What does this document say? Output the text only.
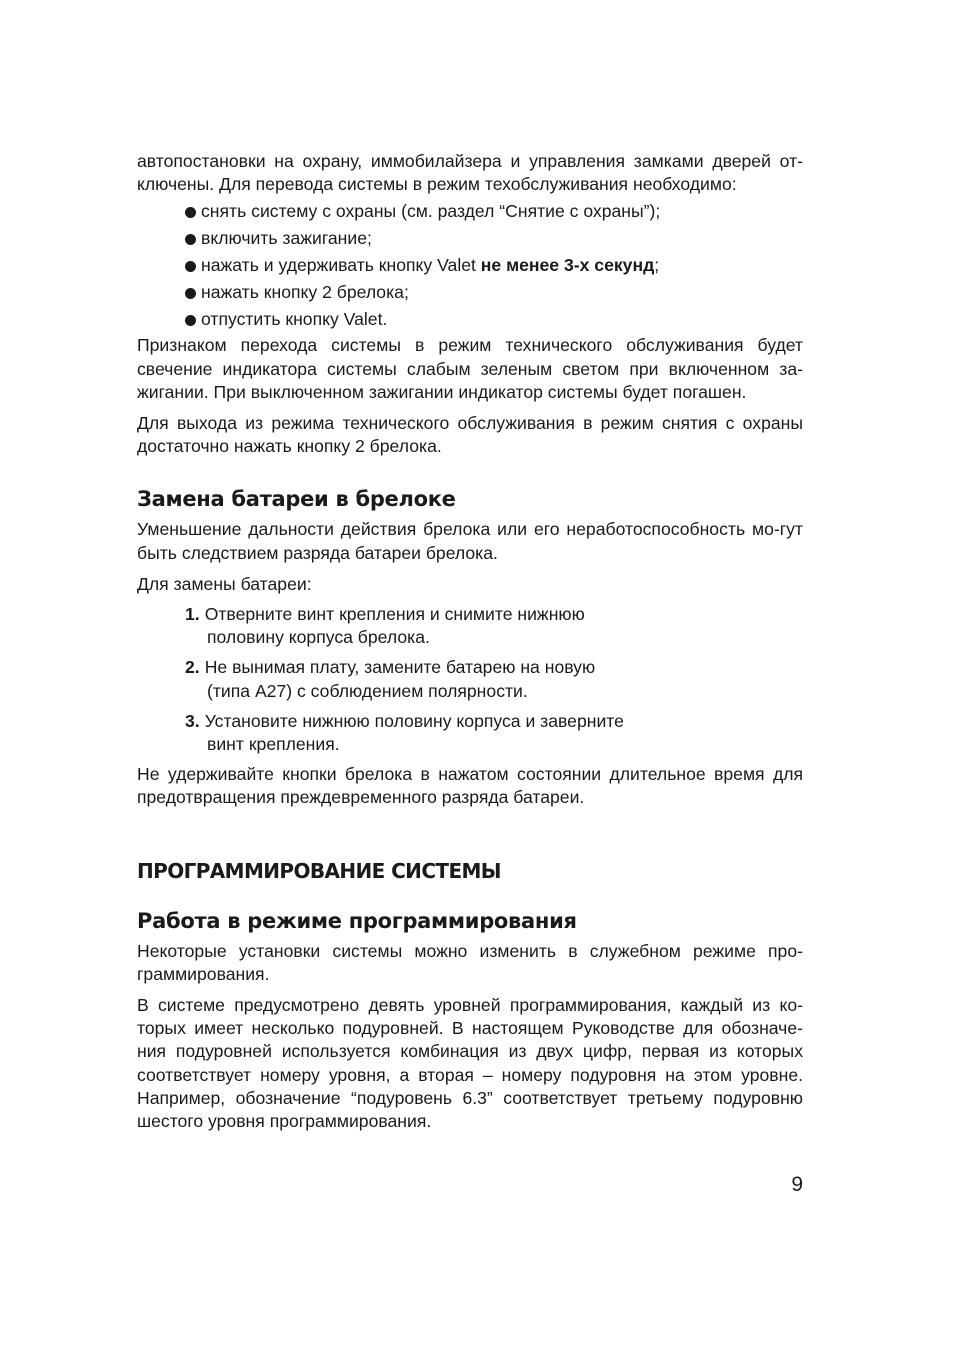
автопостановки на охрану, иммобилайзера и управления замками дверей от-ключены. Для перевода системы в режим техобслуживания необходимо:

снять систему с охраны (см. раздел “Снятие с охраны”);
включить зажигание;
нажать и удерживать кнопку Valet не менее 3-х секунд;
нажать кнопку 2 брелока;
отпустить кнопку Valet.

Признаком перехода системы в режим технического обслуживания будет свечение индикатора системы слабым зеленым светом при включенном за-жигании. При выключенном зажигании индикатор системы будет погашен.

Для выхода из режима технического обслуживания в режим снятия с охраны достаточно нажать кнопку 2 брелока.

Замена батареи в брелоке

Уменьшение дальности действия брелока или его неработоспособность мо-гут быть следствием разряда батареи брелока.

Для замены батареи:

1. Отверните винт крепления и снимите нижнюю
половину корпуса брелока.
2. Не вынимая плату, замените батарею на новую
(типа A27) с соблюдением полярности.
3. Установите нижнюю половину корпуса и заверните
винт крепления.

Не удерживайте кнопки брелока в нажатом состоянии длительное время для предотвращения преждевременного разряда батареи.

ПРОГРАММИРОВАНИЕ СИСТЕМЫ
Работа в режиме программирования

Некоторые установки системы можно изменить в служебном режиме про-граммирования.

В системе предусмотрено девять уровней программирования, каждый из ко-торых имеет несколько подуровней. В настоящем Руководстве для обозначе-ния подуровней используется комбинация из двух цифр, первая из которых соответствует номеру уровня, а вторая – номеру подуровня на этом уровне. Например, обозначение “подуровень 6.3” соответствует третьему подуровню шестого уровня программирования.

9
